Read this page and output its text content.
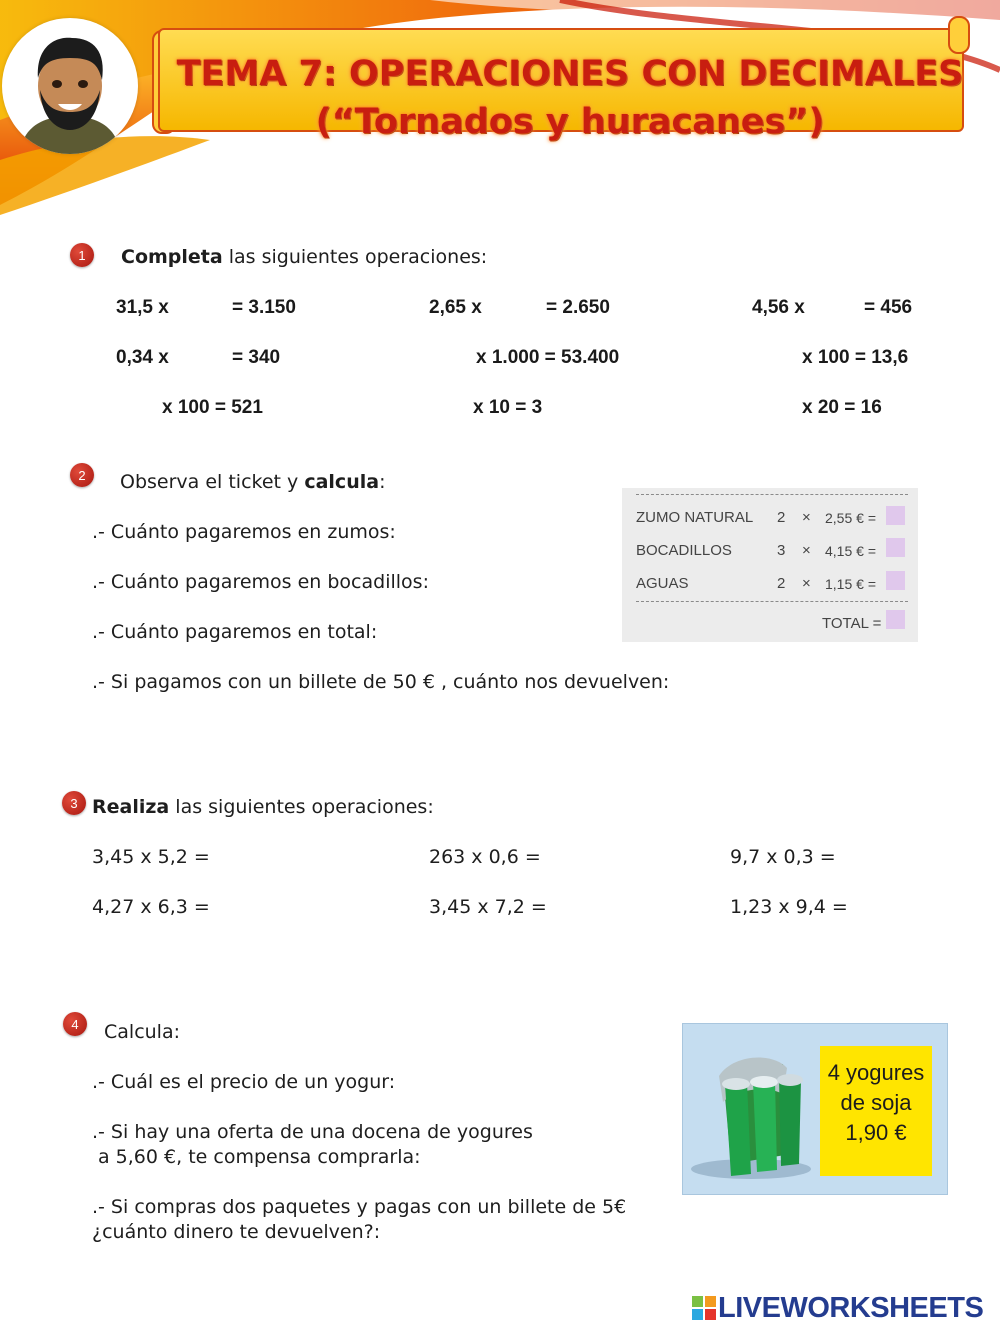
TEMA 7: OPERACIONES CON DECIMALES
(“Tornados y huracanes”)
1	Completa las siguientes operaciones:
31,5 x	= 3.150	2,65 x	= 2.650	4,56 x	= 456
0,34 x	= 340	x 1.000 = 53.400	x 100 = 13,6
x 100 = 521	x 10 = 3	x 20 = 16
2	Observa el ticket y calcula:
.- Cuánto pagaremos en zumos:
.- Cuánto pagaremos en bocadillos:
.- Cuánto pagaremos en total:
.- Si pagamos con un billete de 50 € , cuánto nos devuelven:
ZUMO NATURAL 2 × 2,55 € =
BOCADILLOS	3 × 4,15 € =
AGUAS	2 × 1,15 € =
TOTAL =
3 Realiza las siguientes operaciones:
3,45 x 5,2 =	263 x 0,6 =	9,7 x 0,3 =
4,27 x 6,3 =	3,45 x 7,2 =	1,23 x 9,4 =
4	Calcula:
.- Cuál es el precio de un yogur:
.- Si hay una oferta de una docena de yogures
a 5,60 €, te compensa comprarla:
.- Si compras dos paquetes y pagas con un billete de 5€
¿cuánto dinero te devuelven?:
4 yogures
de soja
1,90 €
LIVEWORKSHEETS
